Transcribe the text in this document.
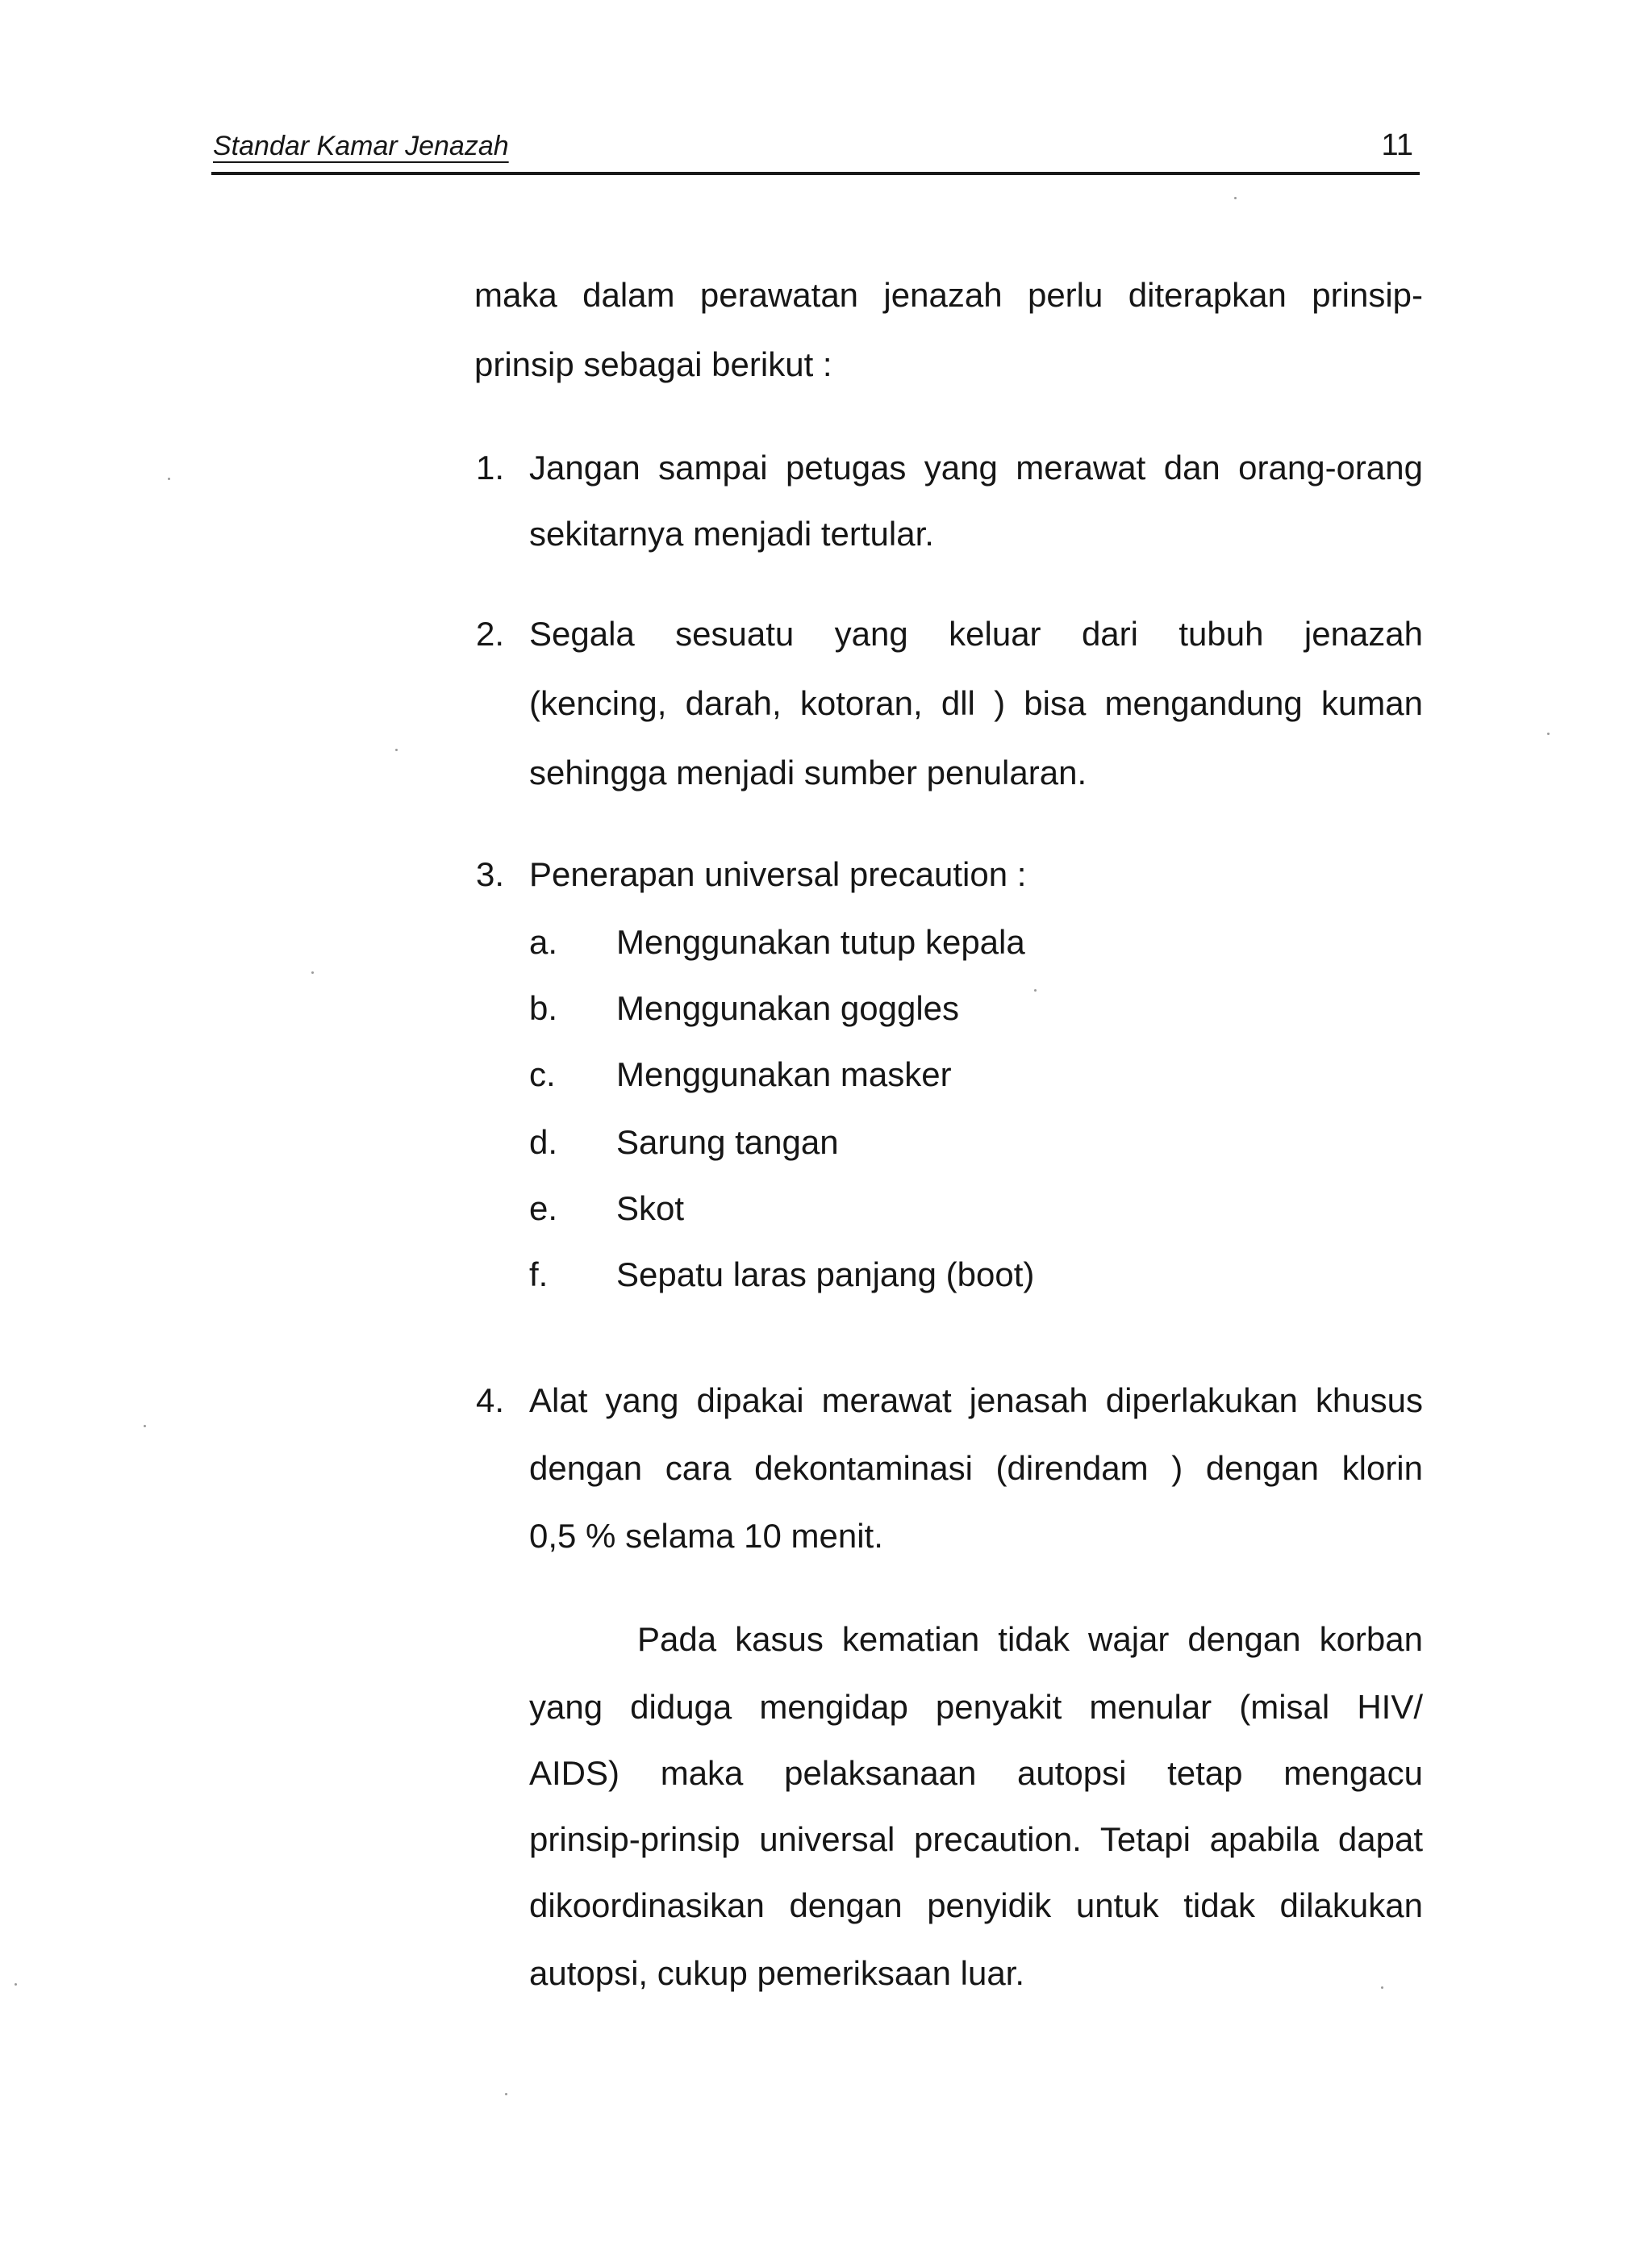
Standar Kamar Jenazah	11
maka dalam perawatan jenazah perlu diterapkan prinsip-
prinsip sebagai berikut :
1. Jangan sampai petugas yang merawat dan orang-orang
sekitarnya menjadi tertular.
2. Segala sesuatu yang keluar dari tubuh jenazah
(kencing, darah, kotoran, dll ) bisa mengandung kuman
sehingga menjadi sumber penularan.
3. Penerapan universal precaution :
a. Menggunakan tutup kepala
b. Menggunakan goggles
c. Menggunakan masker
d. Sarung tangan
e. Skot
f. Sepatu laras panjang (boot)
4. Alat yang dipakai merawat jenasah diperlakukan khusus
dengan cara dekontaminasi (direndam ) dengan klorin
0,5 % selama 10 menit.
Pada kasus kematian tidak wajar dengan korban
yang diduga mengidap penyakit menular (misal HIV/
AIDS) maka pelaksanaan autopsi tetap mengacu
prinsip-prinsip universal precaution. Tetapi apabila dapat
dikoordinasikan dengan penyidik untuk tidak dilakukan
autopsi, cukup pemeriksaan luar.
